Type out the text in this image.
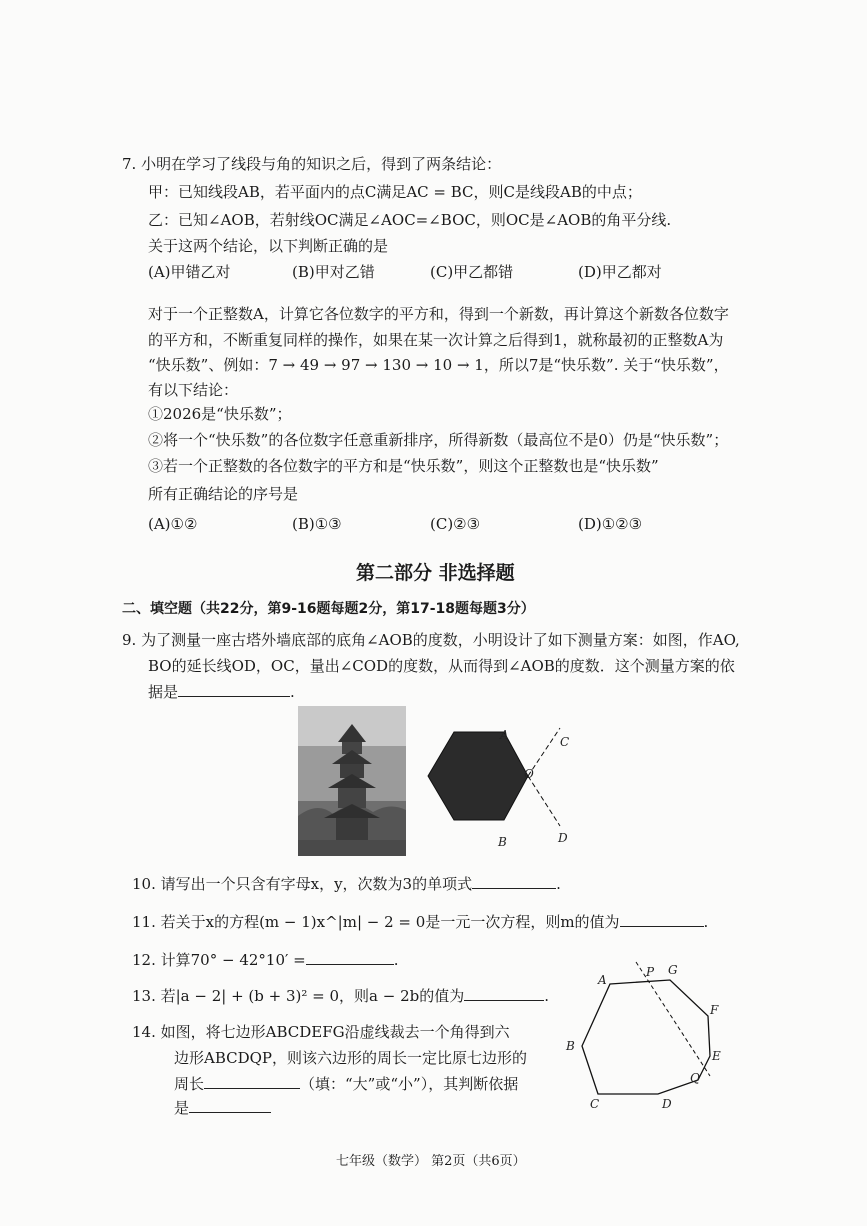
7. 小明在学习了线段与角的知识之后，得到了两条结论：
甲：已知线段AB，若平面内的点C满足AC = BC，则C是线段AB的中点；
乙：已知∠AOB，若射线OC满足∠AOC=∠BOC，则OC是∠AOB的角平分线.
关于这两个结论，以下判断正确的是
(A)甲错乙对	(B)甲对乙错	(C)甲乙都错	(D)甲乙都对
对于一个正整数A，计算它各位数字的平方和，得到一个新数，再计算这个新数各位数字
的平方和，不断重复同样的操作，如果在某一次计算之后得到1，就称最初的正整数A为
“快乐数”、例如：7 → 49 → 97 → 130 → 10 → 1，所以7是“快乐数”. 关于“快乐数”，
有以下结论：
①2026是“快乐数”；
②将一个“快乐数”的各位数字任意重新排序，所得新数（最高位不是0）仍是“快乐数”；
③若一个正整数的各位数字的平方和是“快乐数”，则这个正整数也是“快乐数”
所有正确结论的序号是
(A)①②	(B)①③	(C)②③	(D)①②③
第二部分 非选择题
二、填空题（共22分，第9-16题每题2分，第17-18题每题3分）
9. 为了测量一座古塔外墙底部的底角∠AOB的度数，小明设计了如下测量方案：如图，作AO,
BO的延长线OD，OC，量出∠COD的度数，从而得到∠AOB的度数．这个测量方案的依
据是	.
A	C
O
B	D
10. 请写出一个只含有字母x，y，次数为3的单项式	.
11. 若关于x的方程(m − 1)x^|m| − 2 = 0是一元一次方程，则m的值为	.
12. 计算70° − 42°10′ =	.
13. 若|a − 2| + (b + 3)² = 0，则a − 2b的值为	.
14. 如图，将七边形ABCDEFG沿虚线裁去一个角得到六
边形ABCDQP，则该六边形的周长一定比原七边形的
周长	（填：“大”或“小”），其判断依据
是
A
P G
F
B
E
Q
C	D
七年级（数学） 第2页（共6页）
